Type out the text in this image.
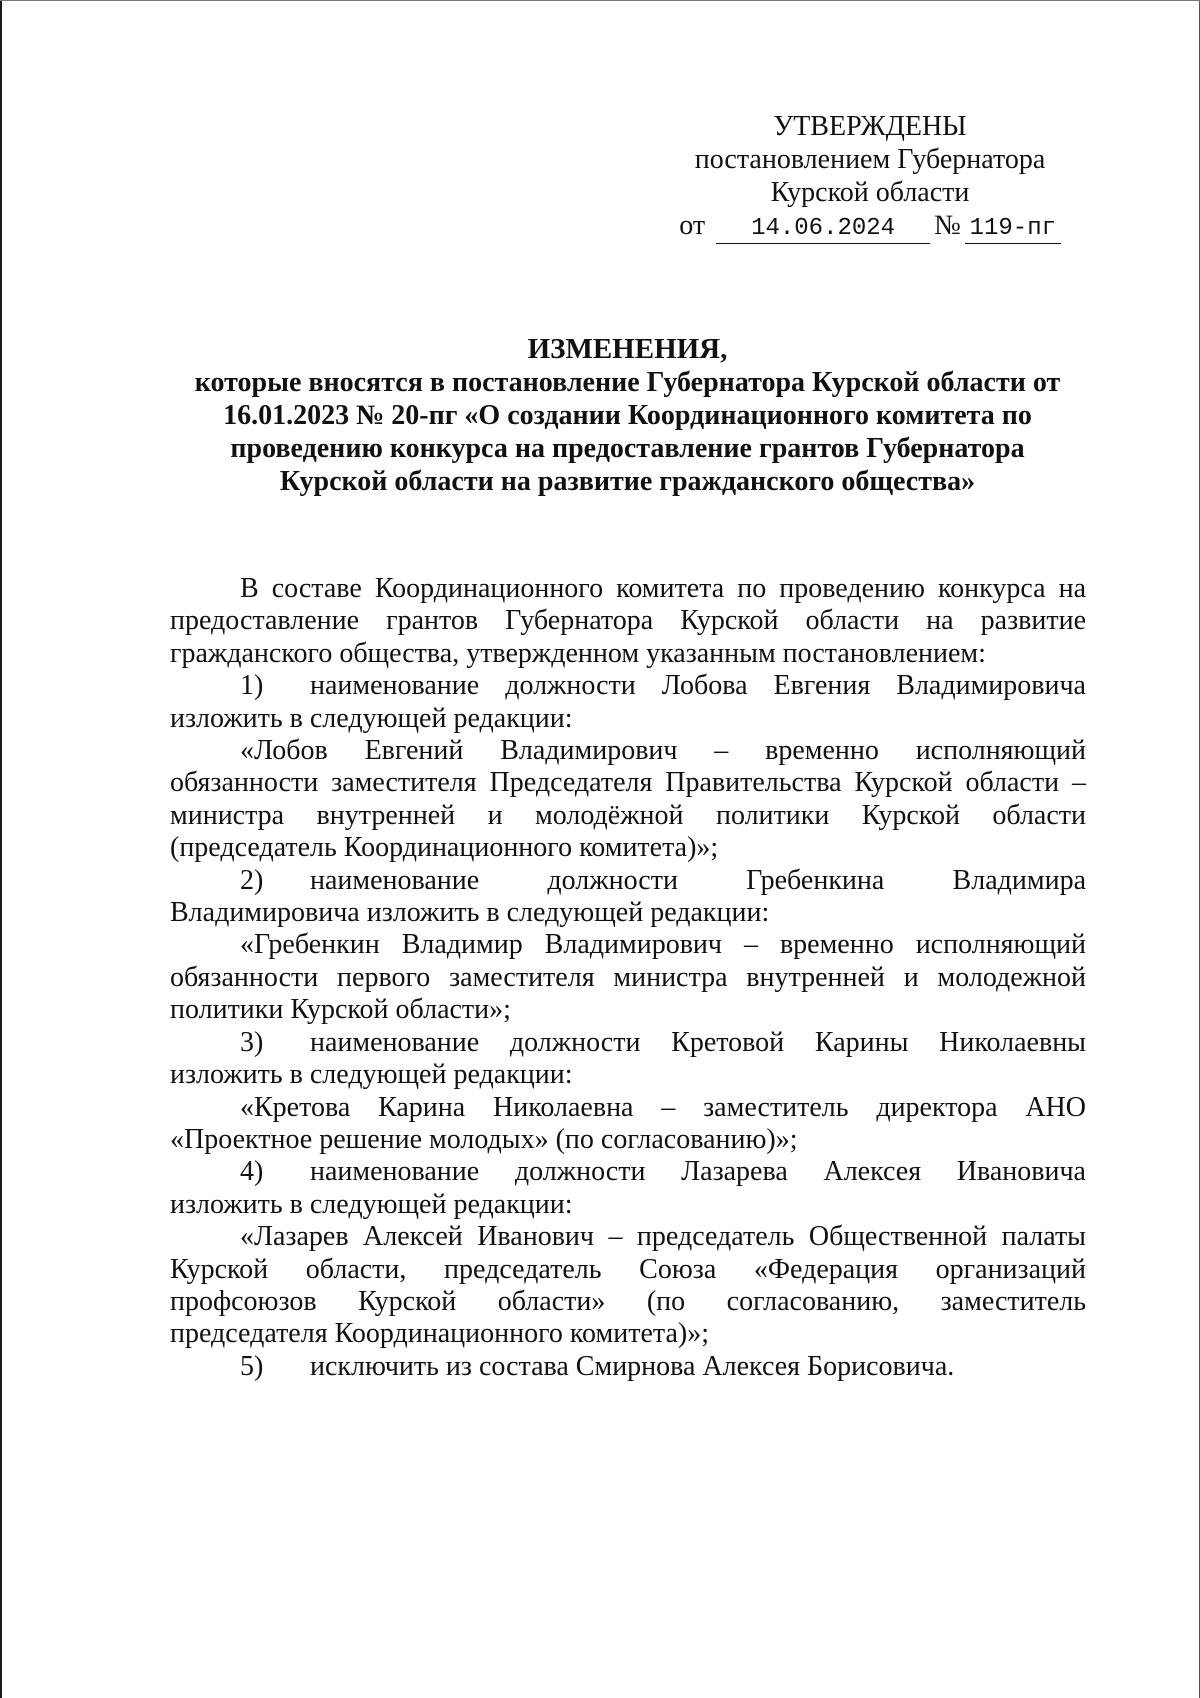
УТВЕРЖДЕНЫ
постановлением Губернатора
Курской области
от 14.06.2024 № 119-пг
ИЗМЕНЕНИЯ,
которые вносятся в постановление Губернатора Курской области от
16.01.2023 № 20-пг «О создании Координационного комитета по
проведению конкурса на предоставление грантов Губернатора
Курской области на развитие гражданского общества»
В составе Координационного комитета по проведению конкурса на
предоставление грантов Губернатора Курской области на развитие
гражданского общества, утвержденном указанным постановлением:
1)	наименование должности Лобова Евгения Владимировича
изложить в следующей редакции:
«Лобов Евгений Владимирович – временно исполняющий
обязанности заместителя Председателя Правительства Курской области –
министра внутренней и молодёжной политики Курской области
(председатель Координационного комитета)»;
2)	наименование должности Гребенкина Владимира
Владимировича изложить в следующей редакции:
«Гребенкин Владимир Владимирович – временно исполняющий
обязанности первого заместителя министра внутренней и молодежной
политики Курской области»;
3)	наименование должности Кретовой Карины Николаевны
изложить в следующей редакции:
«Кретова Карина Николаевна – заместитель директора АНО
«Проектное решение молодых» (по согласованию)»;
4)	наименование должности Лазарева Алексея Ивановича
изложить в следующей редакции:
«Лазарев Алексей Иванович – председатель Общественной палаты
Курской области, председатель Союза «Федерация организаций
профсоюзов Курской области» (по согласованию, заместитель
председателя Координационного комитета)»;
5)	исключить из состава Смирнова Алексея Борисовича.
